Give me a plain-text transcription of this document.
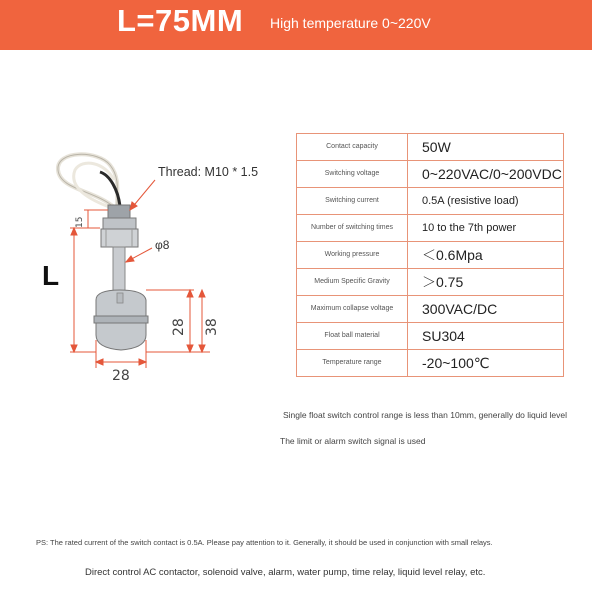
L=75MM High temperature 0~220V
15
28 38
28
Thread: M10 * 1.5
φ8
L
Contact capacity	50W
Switching voltage	0~220VAC/0~200VDC
Switching current	0.5A (resistive load)
Number of switching times	10 to the 7th power
Working pressure	＜0.6Mpa
Medium Specific Gravity	＞0.75
Maximum collapse voltage	300VAC/DC
Float ball material	SU304
Temperature range	-20~100℃
Single float switch control range is less than 10mm, generally do liquid level
The limit or alarm switch signal is used
PS: The rated current of the switch contact is 0.5A. Please pay attention to it. Generally, it should be used in conjunction with small relays.
Direct control AC contactor, solenoid valve, alarm, water pump, time relay, liquid level relay, etc.
